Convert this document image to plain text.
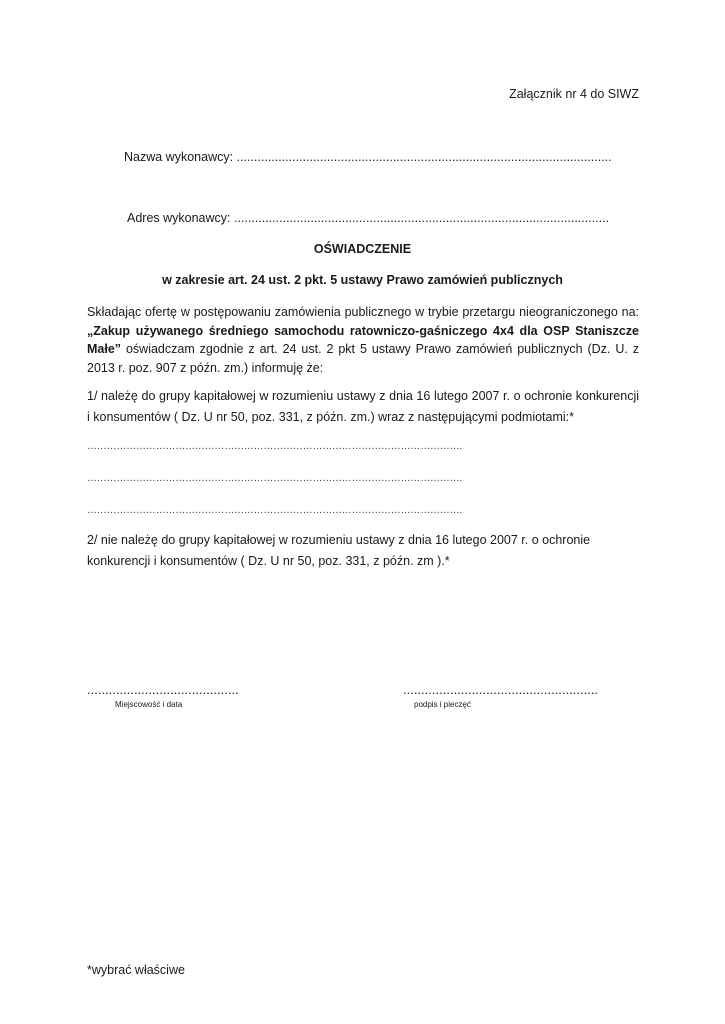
Załącznik nr 4 do SIWZ
Nazwa wykonawcy: ............................................................................................................
Adres wykonawcy: ............................................................................................................
OŚWIADCZENIE
w zakresie art. 24 ust. 2 pkt. 5 ustawy Prawo zamówień publicznych
Składając ofertę w postępowaniu zamówienia publicznego w trybie przetargu nieograniczonego na: „Zakup używanego średniego samochodu ratowniczo-gaśniczego 4x4 dla OSP Staniszcze Małe” oświadczam zgodnie z art. 24 ust. 2 pkt 5 ustawy Prawo zamówień publicznych (Dz. U. z 2013 r. poz. 907 z późn. zm.) informuję że:
1/ należę do grupy kapitałowej w rozumieniu ustawy z dnia 16 lutego 2007 r. o ochronie konkurencji i konsumentów ( Dz. U nr 50, poz. 331, z późn. zm.) wraz z następującymi podmiotami:*
…………………………………………………………………………………………………….
…………………………………………………………………………………………………….
…………………………………………………………………………………………………….
2/ nie należę do grupy kapitałowej w rozumieniu ustawy z dnia 16 lutego 2007 r. o ochronie konkurencji i konsumentów ( Dz. U nr 50, poz. 331, z późn. zm ).*
..........................................	......................................................
Miejscowość i data	podpis i pieczęć
*wybrać właściwe
